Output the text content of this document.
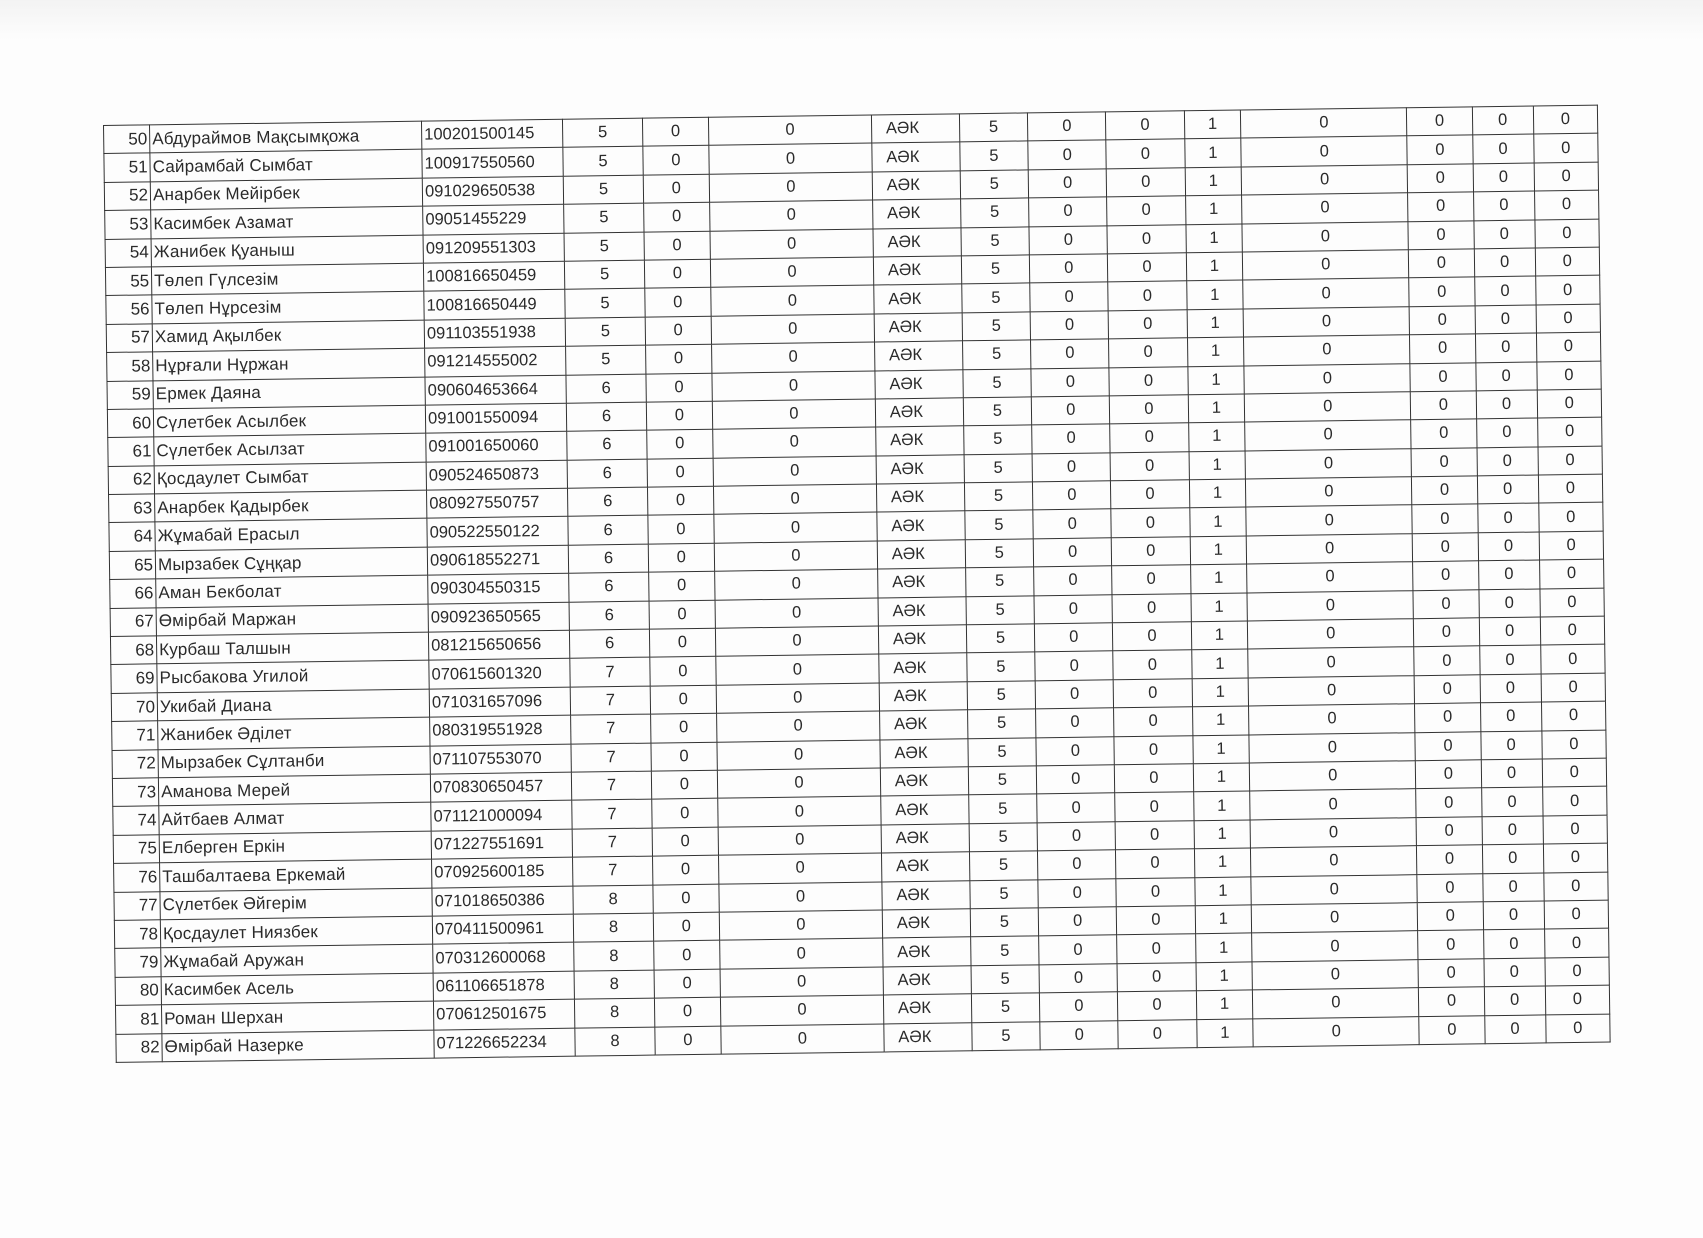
50	Абдураймов Мақсымқожа	100201500145	5	0	0	АӘК	5	0	0	1	0	0	0	0
51	Сайрамбай Сымбат	100917550560	5	0	0	АӘК	5	0	0	1	0	0	0	0
52	Анарбек Мейірбек	091029650538	5	0	0	АӘК	5	0	0	1	0	0	0	0
53	Касимбек Азамат	09051455229	5	0	0	АӘК	5	0	0	1	0	0	0	0
54	Жанибек Қуаныш	091209551303	5	0	0	АӘК	5	0	0	1	0	0	0	0
55	Төлеп Гүлсезім	100816650459	5	0	0	АӘК	5	0	0	1	0	0	0	0
56	Төлеп Нұрсезім	100816650449	5	0	0	АӘК	5	0	0	1	0	0	0	0
57	Хамид Ақылбек	091103551938	5	0	0	АӘК	5	0	0	1	0	0	0	0
58	Нұрғали Нұржан	091214555002	5	0	0	АӘК	5	0	0	1	0	0	0	0
59	Ермек Даяна	090604653664	6	0	0	АӘК	5	0	0	1	0	0	0	0
60	Сүлетбек Асылбек	091001550094	6	0	0	АӘК	5	0	0	1	0	0	0	0
61	Сүлетбек Асылзат	091001650060	6	0	0	АӘК	5	0	0	1	0	0	0	0
62	Қосдаулет Сымбат	090524650873	6	0	0	АӘК	5	0	0	1	0	0	0	0
63	Анарбек Қадырбек	080927550757	6	0	0	АӘК	5	0	0	1	0	0	0	0
64	Жұмабай Ерасыл	090522550122	6	0	0	АӘК	5	0	0	1	0	0	0	0
65	Мырзабек Сұңқар	090618552271	6	0	0	АӘК	5	0	0	1	0	0	0	0
66	Аман Бекболат	090304550315	6	0	0	АӘК	5	0	0	1	0	0	0	0
67	Өмірбай Маржан	090923650565	6	0	0	АӘК	5	0	0	1	0	0	0	0
68	Курбаш Талшын	081215650656	6	0	0	АӘК	5	0	0	1	0	0	0	0
69	Рысбакова Угилой	070615601320	7	0	0	АӘК	5	0	0	1	0	0	0	0
70	Укибай Диана	071031657096	7	0	0	АӘК	5	0	0	1	0	0	0	0
71	Жанибек Әділет	080319551928	7	0	0	АӘК	5	0	0	1	0	0	0	0
72	Мырзабек Сұлтанби	071107553070	7	0	0	АӘК	5	0	0	1	0	0	0	0
73	Аманова Мерей	070830650457	7	0	0	АӘК	5	0	0	1	0	0	0	0
74	Айтбаев Алмат	071121000094	7	0	0	АӘК	5	0	0	1	0	0	0	0
75	Елберген Еркін	071227551691	7	0	0	АӘК	5	0	0	1	0	0	0	0
76	Ташбалтаева Еркемай	070925600185	7	0	0	АӘК	5	0	0	1	0	0	0	0
77	Сүлетбек Әйгерім	071018650386	8	0	0	АӘК	5	0	0	1	0	0	0	0
78	Қосдаулет Ниязбек	070411500961	8	0	0	АӘК	5	0	0	1	0	0	0	0
79	Жұмабай Аружан	070312600068	8	0	0	АӘК	5	0	0	1	0	0	0	0
80	Касимбек Асель	061106651878	8	0	0	АӘК	5	0	0	1	0	0	0	0
81	Роман Шерхан	070612501675	8	0	0	АӘК	5	0	0	1	0	0	0	0
82	Өмірбай Назерке	071226652234	8	0	0	АӘК	5	0	0	1	0	0	0	0
